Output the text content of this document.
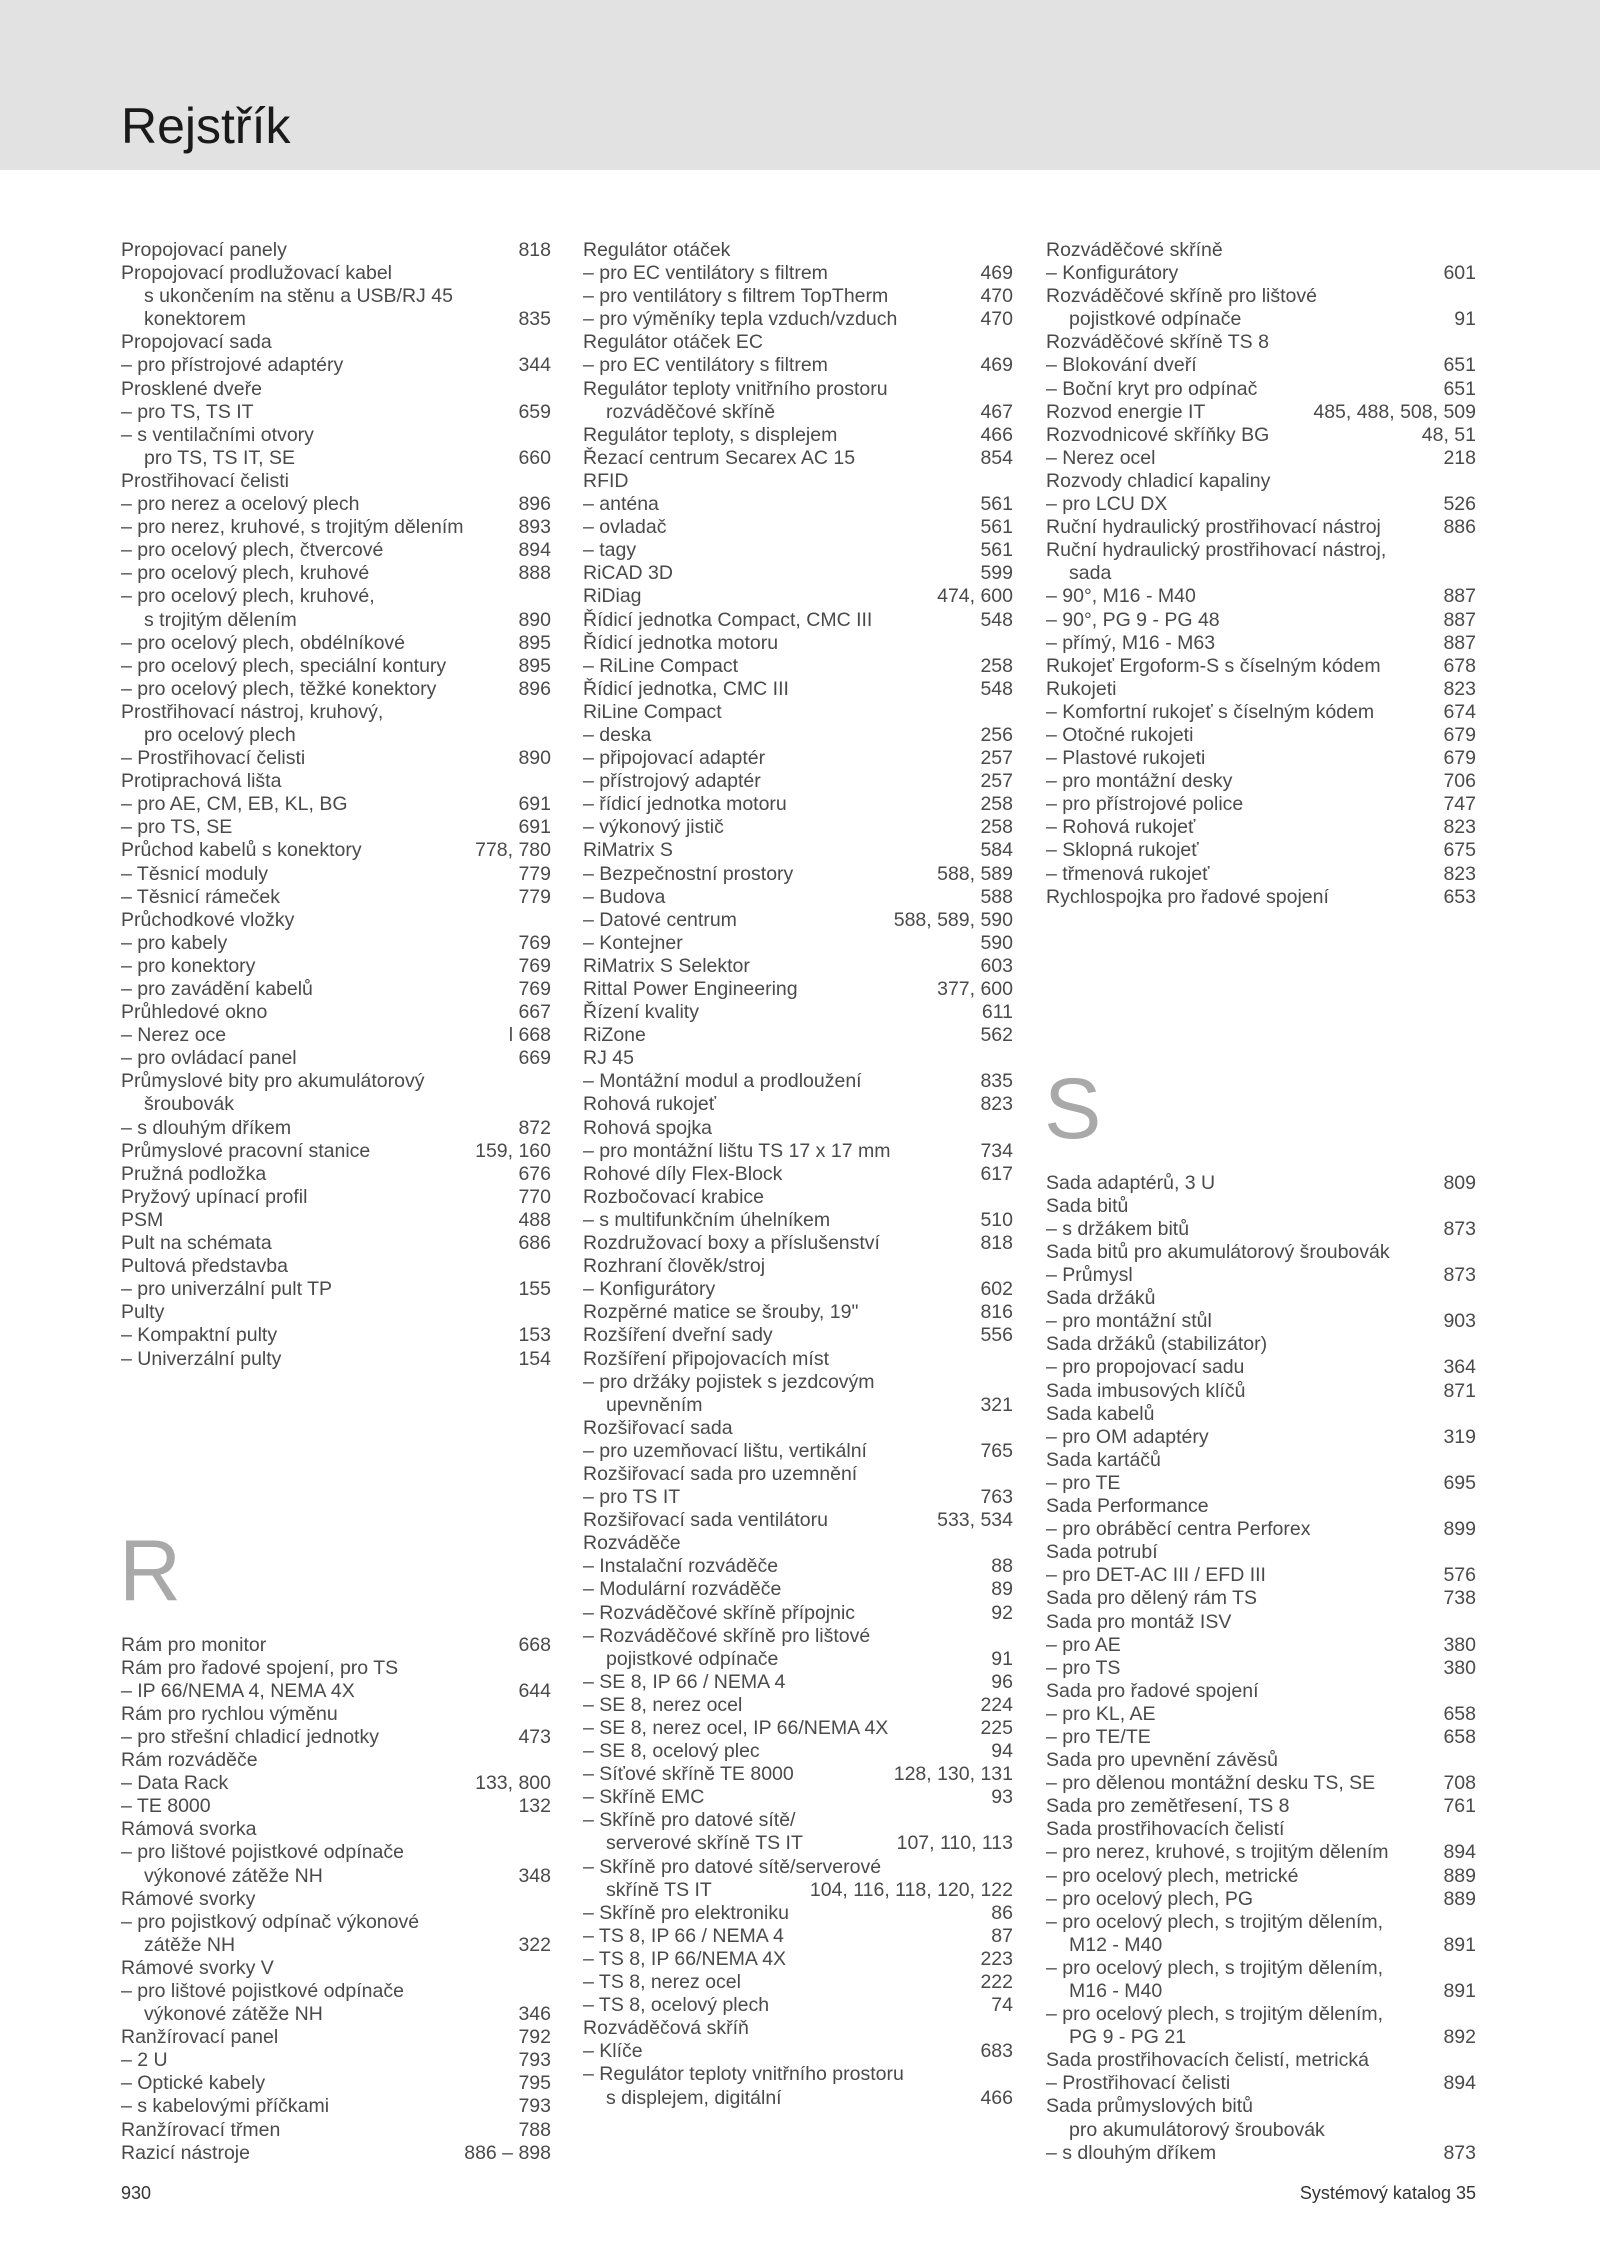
Rejstřík
Propojovací panely	818
Propojovací prodlužovací kabel
s ukončením na stěnu a USB/RJ 45
konektorem	835
Propojovací sada
– pro přístrojové adaptéry	344
Prosklené dveře
– pro TS, TS IT	659
– s ventilačními otvory
pro TS, TS IT, SE	660
Prostřihovací čelisti
– pro nerez a ocelový plech	896
– pro nerez, kruhové, s trojitým dělením	893
– pro ocelový plech, čtvercové	894
– pro ocelový plech, kruhové	888
– pro ocelový plech, kruhové,
s trojitým dělením	890
– pro ocelový plech, obdélníkové	895
– pro ocelový plech, speciální kontury	895
– pro ocelový plech, těžké konektory	896
Prostřihovací nástroj, kruhový,
pro ocelový plech
– Prostřihovací čelisti	890
Protiprachová lišta
– pro AE, CM, EB, KL, BG	691
– pro TS, SE	691
Průchod kabelů s konektory	778, 780
– Těsnicí moduly	779
– Těsnicí rámeček	779
Průchodkové vložky
– pro kabely	769
– pro konektory	769
– pro zavádění kabelů	769
Průhledové okno	667
– Nerez oce	l 668
– pro ovládací panel	669
Průmyslové bity pro akumulátorový
šroubovák
– s dlouhým dříkem	872
Průmyslové pracovní stanice	159, 160
Pružná podložka	676
Pryžový upínací profil	770
PSM	488
Pult na schémata	686
Pultová představba
– pro univerzální pult TP	155
Pulty
– Kompaktní pulty	153
– Univerzální pulty	154
R
Rám pro monitor	668
Rám pro řadové spojení, pro TS
– IP 66/NEMA 4, NEMA 4X	644
Rám pro rychlou výměnu
– pro střešní chladicí jednotky	473
Rám rozváděče
– Data Rack	133, 800
– TE 8000	132
Rámová svorka
– pro lištové pojistkové odpínače
výkonové zátěže NH	348
Rámové svorky
– pro pojistkový odpínač výkonové
zátěže NH	322
Rámové svorky V
– pro lištové pojistkové odpínače
výkonové zátěže NH	346
Ranžírovací panel	792
– 2 U	793
– Optické kabely	795
– s kabelovými příčkami	793
Ranžírovací třmen	788
Razicí nástroje	886 – 898
Regulátor otáček
– pro EC ventilátory s filtrem	469
– pro ventilátory s filtrem TopTherm	470
– pro výměníky tepla vzduch/vzduch	470
Regulátor otáček EC
– pro EC ventilátory s filtrem	469
Regulátor teploty vnitřního prostoru
rozváděčové skříně	467
Regulátor teploty, s displejem	466
Řezací centrum Secarex AC 15	854
RFID
– anténa	561
– ovladač	561
– tagy	561
RiCAD 3D	599
RiDiag	474, 600
Řídicí jednotka Compact, CMC III	548
Řídicí jednotka motoru
– RiLine Compact	258
Řídicí jednotka, CMC III	548
RiLine Compact
– deska	256
– připojovací adaptér	257
– přístrojový adaptér	257
– řídicí jednotka motoru	258
– výkonový jistič	258
RiMatrix S	584
– Bezpečnostní prostory	588, 589
– Budova	588
– Datové centrum	588, 589, 590
– Kontejner	590
RiMatrix S Selektor	603
Rittal Power Engineering	377, 600
Řízení kvality	611
RiZone	562
RJ 45
– Montážní modul a prodloužení	835
Rohová rukojeť	823
Rohová spojka
– pro montážní lištu TS 17 x 17 mm	734
Rohové díly Flex-Block	617
Rozbočovací krabice
– s multifunkčním úhelníkem	510
Rozdružovací boxy a příslušenství	818
Rozhraní člověk/stroj
– Konfigurátory	602
Rozpěrné matice se šrouby, 19"	816
Rozšíření dveřní sady	556
Rozšíření připojovacích míst
– pro držáky pojistek s jezdcovým
upevněním	321
Rozšiřovací sada
– pro uzemňovací lištu, vertikální	765
Rozšiřovací sada pro uzemnění
– pro TS IT	763
Rozšiřovací sada ventilátoru	533, 534
Rozváděče
– Instalační rozváděče	88
– Modulární rozváděče	89
– Rozváděčové skříně přípojnic	92
– Rozváděčové skříně pro lištové
pojistkové odpínače	91
– SE 8, IP 66 / NEMA 4	96
– SE 8, nerez ocel	224
– SE 8, nerez ocel, IP 66/NEMA 4X	225
– SE 8, ocelový plec	94
– Síťové skříně TE 8000	128, 130, 131
– Skříně EMC	93
– Skříně pro datové sítě/
serverové skříně TS IT	107, 110, 113
– Skříně pro datové sítě/serverové
skříně TS IT	104, 116, 118, 120, 122
– Skříně pro elektroniku	86
– TS 8, IP 66 / NEMA 4	87
– TS 8, IP 66/NEMA 4X	223
– TS 8, nerez ocel	222
– TS 8, ocelový plech	74
Rozváděčová skříň
– Klíče	683
– Regulátor teploty vnitřního prostoru
s displejem, digitální	466
Rozváděčové skříně
– Konfigurátory	601
Rozváděčové skříně pro lištové
pojistkové odpínače	91
Rozváděčové skříně TS 8
– Blokování dveří	651
– Boční kryt pro odpínač	651
Rozvod energie IT	485, 488, 508, 509
Rozvodnicové skříňky BG	48, 51
– Nerez ocel	218
Rozvody chladicí kapaliny
– pro LCU DX	526
Ruční hydraulický prostřihovací nástroj	886
Ruční hydraulický prostřihovací nástroj,
sada
– 90°, M16 - M40	887
– 90°, PG 9 - PG 48	887
– přímý, M16 - M63	887
Rukojeť Ergoform-S s číselným kódem	678
Rukojeti	823
– Komfortní rukojeť s číselným kódem	674
– Otočné rukojeti	679
– Plastové rukojeti	679
– pro montážní desky	706
– pro přístrojové police	747
– Rohová rukojeť	823
– Sklopná rukojeť	675
– třmenová rukojeť	823
Rychlospojka pro řadové spojení	653
S
Sada adaptérů, 3 U	809
Sada bitů
– s držákem bitů	873
Sada bitů pro akumulátorový šroubovák
– Průmysl	873
Sada držáků
– pro montážní stůl	903
Sada držáků (stabilizátor)
– pro propojovací sadu	364
Sada imbusových klíčů	871
Sada kabelů
– pro OM adaptéry	319
Sada kartáčů
– pro TE	695
Sada Performance
– pro obráběcí centra Perforex	899
Sada potrubí
– pro DET-AC III / EFD III	576
Sada pro dělený rám TS	738
Sada pro montáž ISV
– pro AE	380
– pro TS	380
Sada pro řadové spojení
– pro KL, AE	658
– pro TE/TE	658
Sada pro upevnění závěsů
– pro dělenou montážní desku TS, SE	708
Sada pro zemětřesení, TS 8	761
Sada prostřihovacích čelistí
– pro nerez, kruhové, s trojitým dělením	894
– pro ocelový plech, metrické	889
– pro ocelový plech, PG	889
– pro ocelový plech, s trojitým dělením,
M12 - M40	891
– pro ocelový plech, s trojitým dělením,
M16 - M40	891
– pro ocelový plech, s trojitým dělením,
PG 9 - PG 21	892
Sada prostřihovacích čelistí, metrická
– Prostřihovací čelisti	894
Sada průmyslových bitů
pro akumulátorový šroubovák
– s dlouhým dříkem	873
930	Systémový katalog 35
